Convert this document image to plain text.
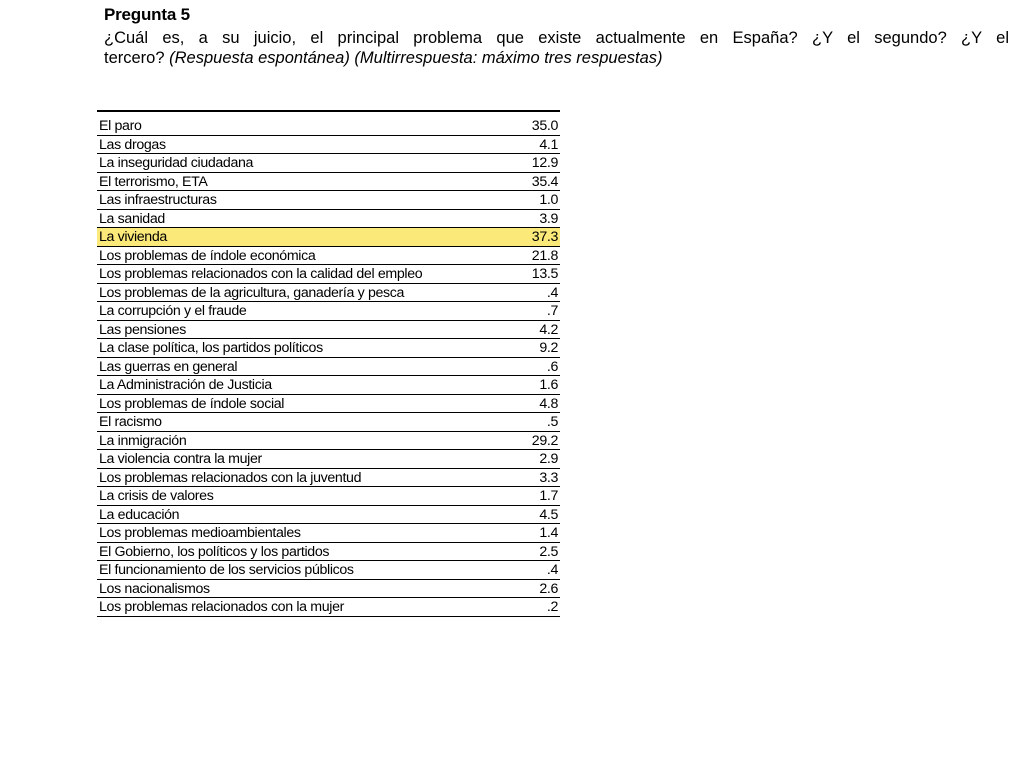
Pregunta 5
¿Cuál es, a su juicio, el principal problema que existe actualmente en España? ¿Y el segundo? ¿Y el
tercero? (Respuesta espontánea) (Multirrespuesta: máximo tres respuestas)
El paro	35.0
Las drogas	4.1
La inseguridad ciudadana	12.9
El terrorismo, ETA	35.4
Las infraestructuras	1.0
La sanidad	3.9
La vivienda	37.3
Los problemas de índole económica	21.8
Los problemas relacionados con la calidad del empleo	13.5
Los problemas de la agricultura, ganadería y pesca	.4
La corrupción y el fraude	.7
Las pensiones	4.2
La clase política, los partidos políticos	9.2
Las guerras en general	.6
La Administración de Justicia	1.6
Los problemas de índole social	4.8
El racismo	.5
La inmigración	29.2
La violencia contra la mujer	2.9
Los problemas relacionados con la juventud	3.3
La crisis de valores	1.7
La educación	4.5
Los problemas medioambientales	1.4
El Gobierno, los políticos y los partidos	2.5
El funcionamiento de los servicios públicos	.4
Los nacionalismos	2.6
Los problemas relacionados con la mujer	.2
